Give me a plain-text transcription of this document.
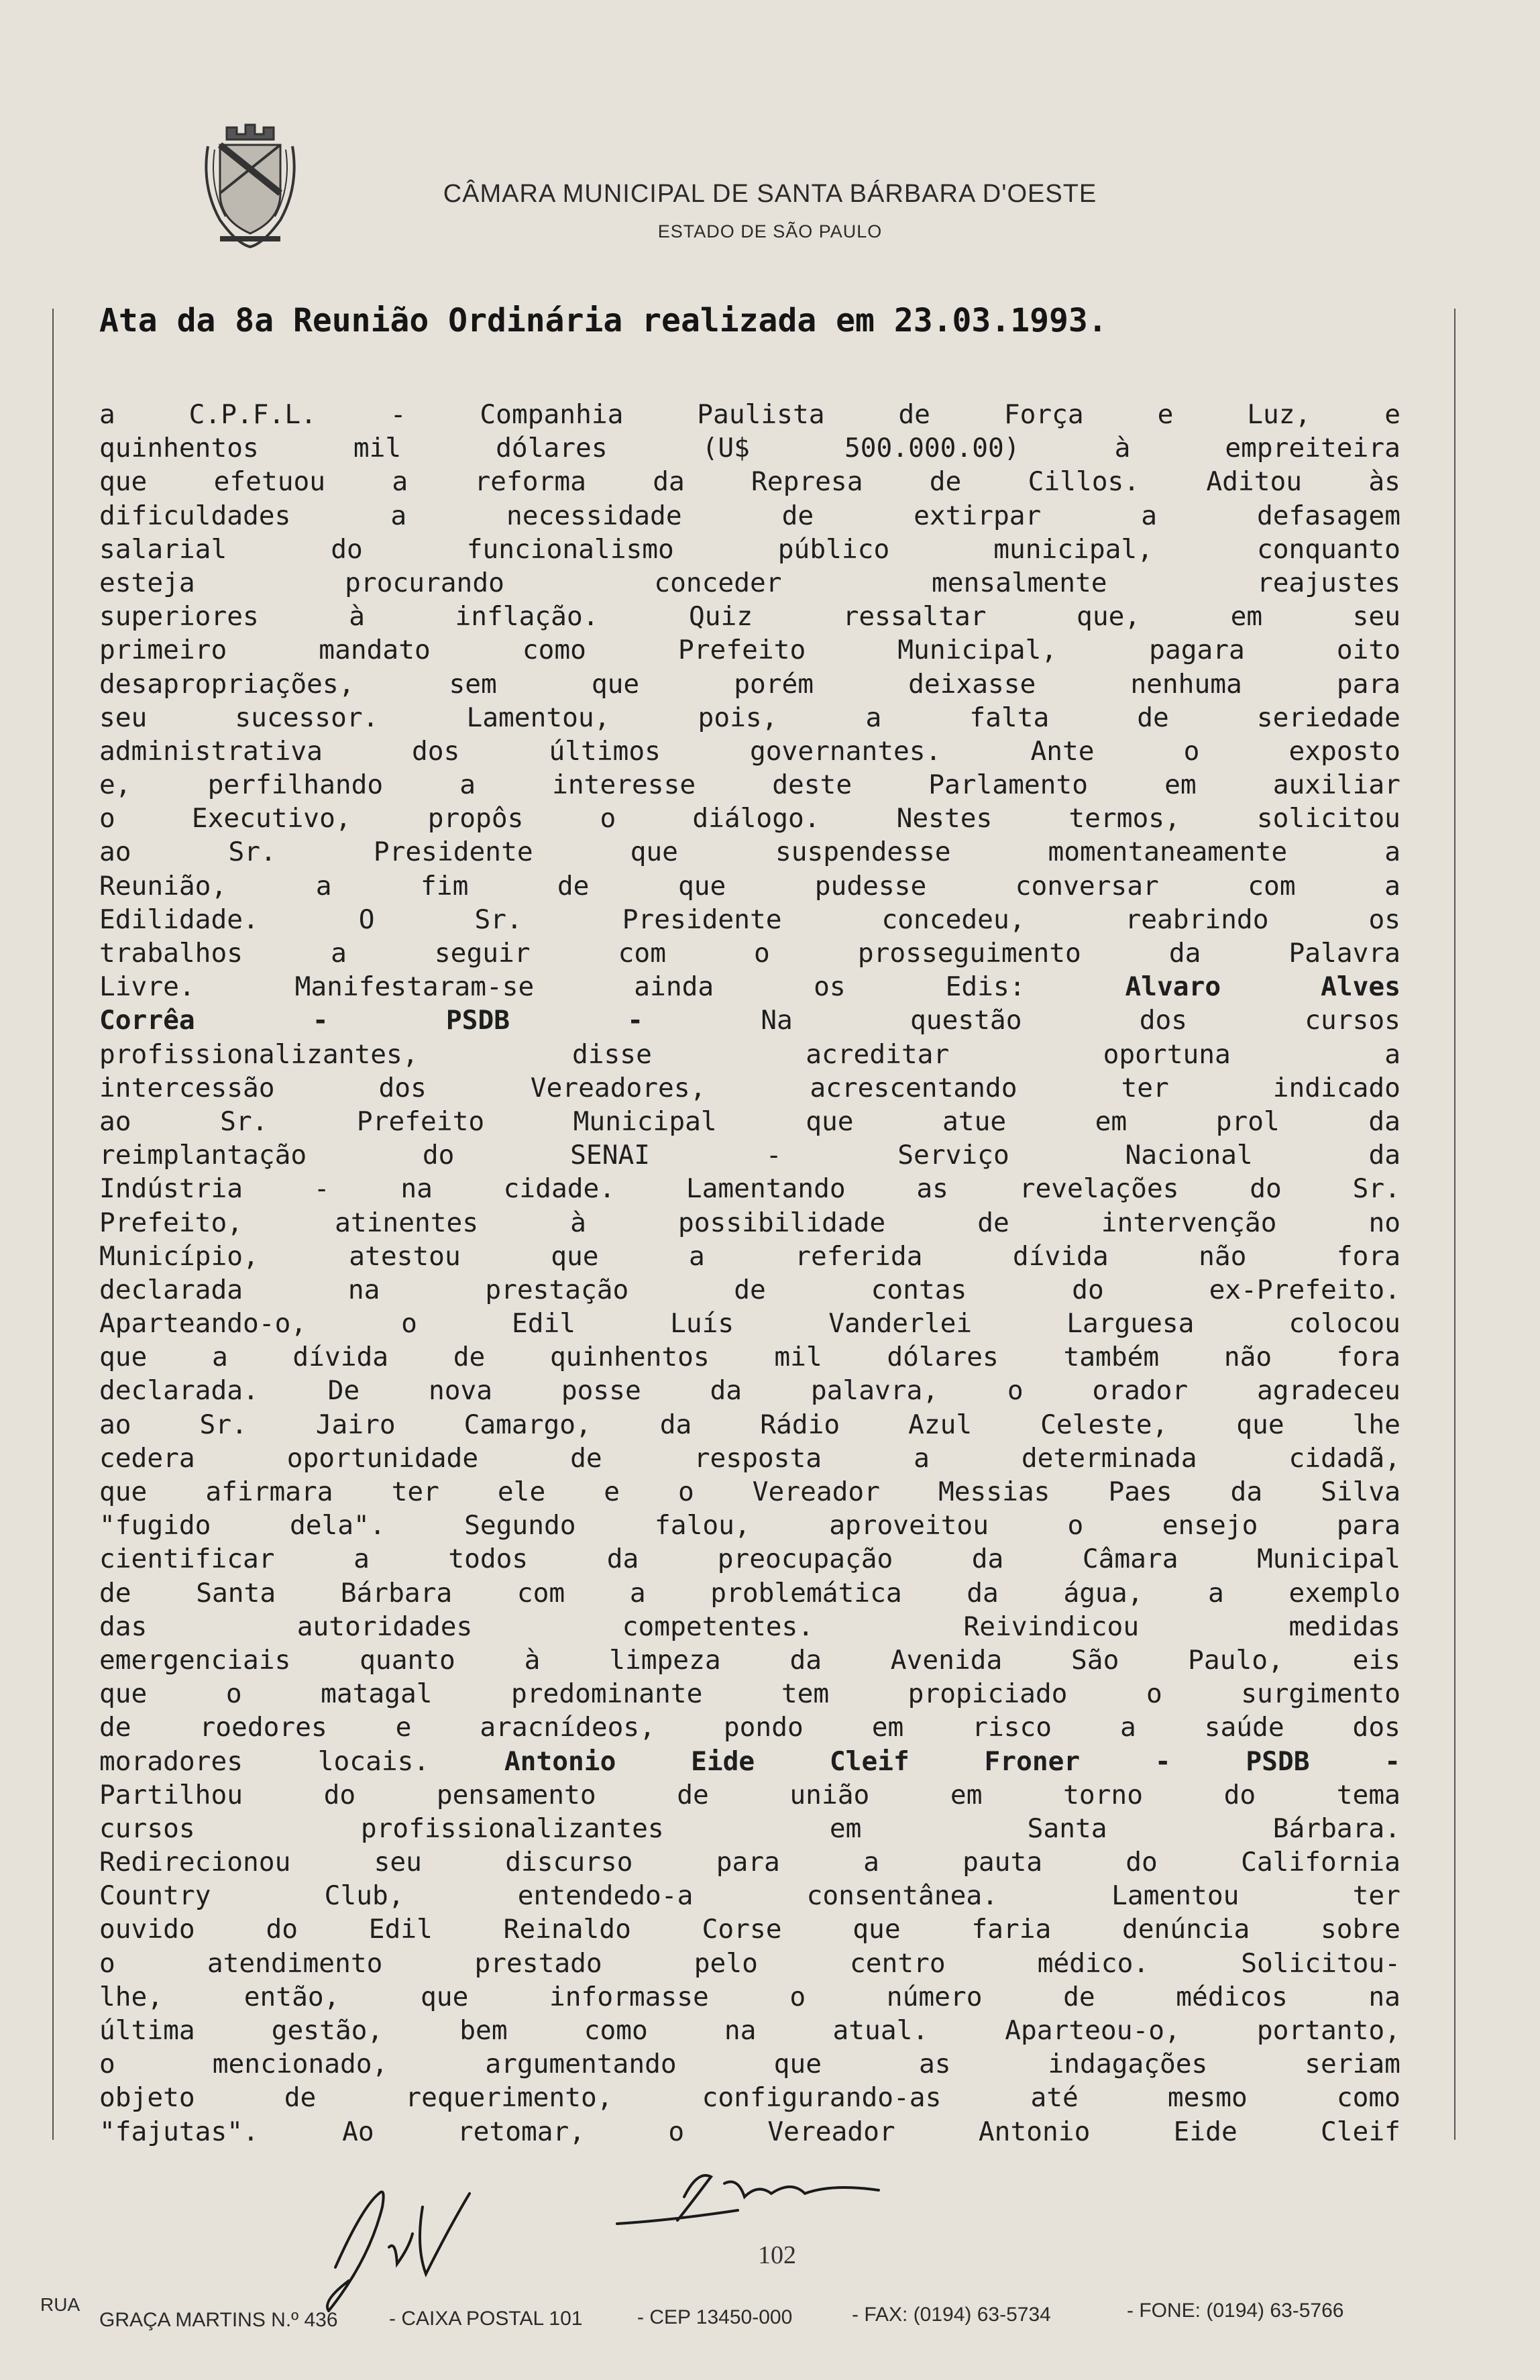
CÂMARA MUNICIPAL DE SANTA BÁRBARA D'OESTE
ESTADO DE SÃO PAULO
Ata da 8a Reunião Ordinária realizada em 23.03.1993.
a	C.P.F.L.	-	Companhia	Paulista	de	Força	e	Luz,	e
quinhentos	mil	dólares	(U$	500.000.00)	à	empreiteira
que	efetuou	a	reforma	da	Represa	de	Cillos.	Aditou	às
dificuldades	a	necessidade	de	extirpar	a	defasagem
salarial	do	funcionalismo	público	municipal,	conquanto
esteja	procurando	conceder	mensalmente	reajustes
superiores	à	inflação.	Quiz	ressaltar	que,	em	seu
primeiro	mandato	como	Prefeito	Municipal,	pagara	oito
desapropriações,	sem	que	porém	deixasse	nenhuma	para
seu	sucessor.	Lamentou,	pois,	a	falta	de	seriedade
administrativa	dos	últimos	governantes.	Ante	o	exposto
e,	perfilhando	a	interesse	deste	Parlamento	em	auxiliar
o	Executivo,	propôs	o	diálogo.	Nestes	termos,	solicitou
ao	Sr.	Presidente	que	suspendesse	momentaneamente	a
Reunião,	a	fim	de	que	pudesse	conversar	com	a
Edilidade.	O	Sr.	Presidente	concedeu,	reabrindo	os
trabalhos	a	seguir	com	o	prosseguimento	da	Palavra
Livre.	Manifestaram-se	ainda	os	Edis:	Alvaro	Alves
Corrêa	-	PSDB	-	Na	questão	dos	cursos
profissionalizantes,	disse	acreditar	oportuna	a
intercessão	dos	Vereadores,	acrescentando	ter	indicado
ao	Sr.	Prefeito	Municipal	que	atue	em	prol	da
reimplantação	do	SENAI	-	Serviço	Nacional	da
Indústria	-	na	cidade.	Lamentando	as	revelações	do	Sr.
Prefeito,	atinentes	à	possibilidade	de	intervenção	no
Município,	atestou	que	a	referida	dívida	não	fora
declarada	na	prestação	de	contas	do	ex-Prefeito.
Aparteando-o,	o	Edil	Luís	Vanderlei	Larguesa	colocou
que a dívida de quinhentos mil dólares também não fora
declarada.	De	nova	posse	da	palavra,	o	orador	agradeceu
ao	Sr.	Jairo	Camargo,	da	Rádio	Azul	Celeste,	que	lhe
cedera	oportunidade	de	resposta	a	determinada	cidadã,
que afirmara ter ele e o Vereador Messias Paes da Silva
"fugido	dela".	Segundo	falou,	aproveitou	o	ensejo	para
cientificar	a	todos	da	preocupação	da	Câmara	Municipal
de Santa Bárbara com a problemática da água, a exemplo
das	autoridades	competentes.	Reivindicou	medidas
emergenciais	quanto	à	limpeza	da	Avenida	São	Paulo,	eis
que	o	matagal	predominante	tem	propiciado	o	surgimento
de	roedores	e	aracnídeos,	pondo	em	risco	a	saúde	dos
moradores	locais.	Antonio	Eide	Cleif	Froner	-	PSDB	-
Partilhou	do	pensamento	de	união	em	torno	do	tema
cursos	profissionalizantes	em	Santa	Bárbara.
Redirecionou	seu	discurso	para	a	pauta	do	California
Country	Club,	entendedo-a	consentânea.	Lamentou	ter
ouvido	do	Edil	Reinaldo	Corse	que	faria	denúncia	sobre
o	atendimento	prestado	pelo	centro	médico.	Solicitou-
lhe,	então,	que	informasse	o	número	de	médicos	na
última	gestão,	bem	como	na	atual.	Aparteou-o,	portanto,
o	mencionado,	argumentando	que	as	indagações	seriam
objeto	de	requerimento,	configurando-as	até	mesmo	como
"fajutas".	Ao	retomar,	o	Vereador	Antonio	Eide	Cleif
102
RUA
GRAÇA MARTINS N.º 436	- CAIXA POSTAL 101	- CEP 13450-000	- FAX: (0194) 63-5734	- FONE: (0194) 63-5766
